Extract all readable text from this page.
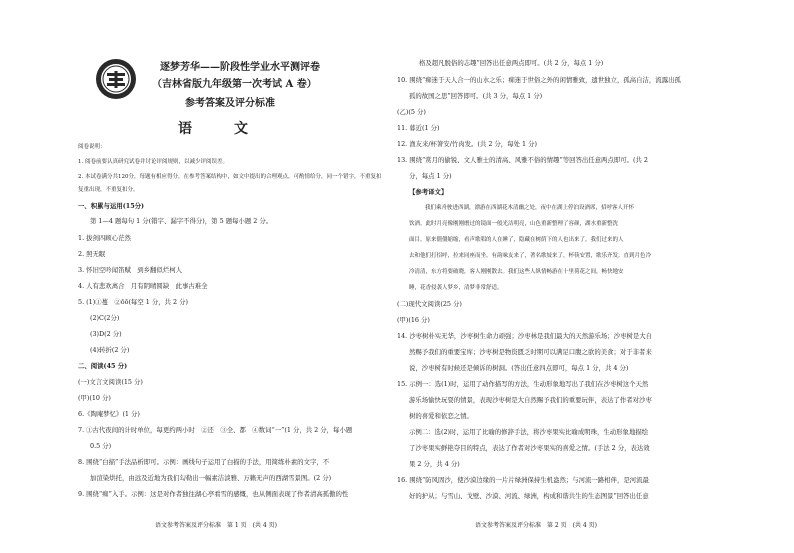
逐梦芳华——阶段性学业水平测评卷
（吉林省版九年级第一次考试 A 卷）
参考答案及评分标准
语　文
阅卷说明：
1. 阅卷前要认真研究试卷并讨论评阅规则，以减少评阅误差。
2. 本试卷满分共120分，每题有相应得分，在参考答案结构中，如文中提出的合理观点，可酌情给分，同一个错字，不重复扣
复重出现，不重复扣分。
一、积累与运用(15分)
第 1—4 题每句 1 分(错字、漏字不得分)，第 5 题每小题 2 分。
1. 拔剑四顾心茫然
2. 照无眠
3. 怀旧空吟闻笛赋　到乡翻似烂柯人
4. 人有悲欢离合　月有阴晴圆缺　此事古难全
5. (1)①蔓　②ōō(每空 1 分，共 2 分)
(2)C(2分)
(3)D(2 分)
(4)转折(2 分)
二、阅读(45 分)
(一)文言文阅读(15 分)
(甲)(10 分)
6.《陶庵梦忆》(1 分)
7. ①古代夜间的计时单位，每更约两小时　②还　③全、都　④数词“一”(1 分，共 2 分，每小题
0.5 分)
8. 围绕“白描”手法品析即可。示例：画线句子运用了白描的手法，用简练朴素的文字，不
加渲染烘托，由远及近地为我们勾勒出一幅素洁淡雅、万籁无声的西湖雪景图。(2 分)
9. 围绕“痴”入手。示例：这是对作者独往湖心亭看雪的感慨，也从侧面表现了作者清高孤傲的性
语文参考答案及评分标准　第 1 页　(共 4 页)
格及超凡脱俗的志趣”回答出任意两点即可。(共 2 分，每点 1 分)
10. 围绕“痴迷于天人合一的山水之乐；痴迷于世俗之外的闲情雅致，遗世独立，孤高自洁，流露出孤
孤的故国之思”回答即可。(共 3 分，每点 1 分)
(乙)(5 分)
11. 暮近(1 分)
12. 渔友来/杯箸安/竹肉发。(共 2 分，每处 1 分)
13. 围绕“赏月的偷锐、文人雅士的清高、风雅不俗的情趣”等回答出任意两点即可。(共 2
分，每点 1 分)
【参考译文】
我们乘舟驶进西湖，漂游在西湖花木清幽之处，夜中在湖上停泊设酒席，招呼客人开怀
饮酒。此时月亮像刚刚磨过的镜面一般光洁明亮，山色重新整理了容颜，湖水重新整洗
面目。原来僵僵缩缩，看声歌唱的人在睡了，隐藏在树荫下的人也出来了，我们过来的人
去和他们打招呼，拉来同座而坐。有韵味友来了，著名歌妓来了，杯筷安置，歌乐齐发。直到月色冷
冷清清，东方将要破晓，客人刚刚散去。我们这些人纵情畅游在十里荷花之间，畅快地安
睡，花香侵袭人梦乡，清梦非常舒适。
(二)现代文阅读(25 分)
(甲)(16 分)
14. 沙枣树朴实无华，沙枣树生命力顽强；沙枣林是我们最大的天然游乐场；沙枣树是大自
然赐予我们的重要宝库；沙枣树是物资匮乏时期可以满足口腹之欲的美食；对于非者来
说，沙枣树有时候还是倾诉的树洞。(答出任意四点即可，每点 1 分，共 4 分)
15. 示例一：选(1)时，运用了动作描写的方法，生动形象地写出了我们在沙枣树这个天然
游乐场愉快玩耍的情景，表现沙枣树是大自然赐予我们的重要玩伴，表达了作者对沙枣
树的喜爱和依恋之情。
示例二：选(2)时，运用了比喻的修辞手法，将沙枣果实比喻成明珠，生动形象地描绘
了沙枣果实鲜艳夺目的特点，表达了作者对沙枣果实的喜爱之情。(手法 2 分，表达效
果 2 分，共 4 分)
16. 围绕“防风固沙，使沙漠边缘的一片片绿洲保持生机盎然；与河流一路相伴，是河流最
好的护从；与雪山、戈壁、沙漠、河流、绿洲，构成和谐共生的生态图景”回答出任意
语文参考答案及评分标准　第 2 页　(共 4 页)
